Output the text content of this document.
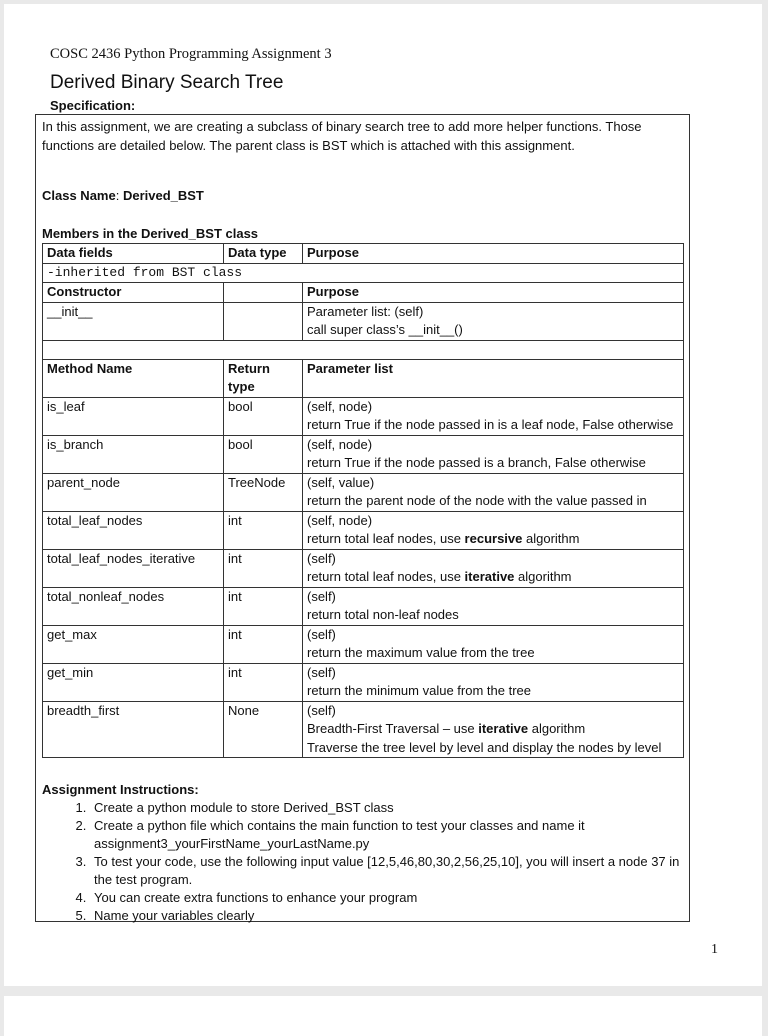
COSC 2436 Python Programming Assignment 3
Derived Binary Search Tree
Specification:
In this assignment, we are creating a subclass of binary search tree to add more helper functions. Those functions are detailed below. The parent class is BST which is attached with this assignment.
Class Name: Derived_BST
Members in the Derived_BST class
Data fields	Data type	Purpose
-inherited from BST class		
Constructor		Purpose
__init__		Parameter list: (self)
call super class’s __init__()

Method Name	Return type	Parameter list
is_leaf	bool	(self, node)
return True if the node passed in is a leaf node, False otherwise

is_branch	bool	(self, node)
return True if the node passed is a branch, False otherwise

parent_node	TreeNode	(self, value)
return the parent node of the node with the value passed in

total_leaf_nodes	int	(self, node)
return total leaf nodes, use recursive algorithm

total_leaf_nodes_iterative	int	(self)
return total leaf nodes, use iterative algorithm

total_nonleaf_nodes	int	(self)
return total non-leaf nodes

get_max	int	(self)
return the maximum value from the tree

get_min	int	(self)
return the minimum value from the tree

breadth_first	None	(self)
Breadth-First Traversal – use iterative algorithm
Traverse the tree level by level and display the nodes by level
Assignment Instructions:
1. Create a python module to store Derived_BST class
2. Create a python file which contains the main function to test your classes and name it assignment3_yourFirstName_yourLastName.py
3. To test your code, use the following input value [12,5,46,80,30,2,56,25,10], you will insert a node 37 in the test program.
4. You can create extra functions to enhance your program
5. Name your variables clearly
1
